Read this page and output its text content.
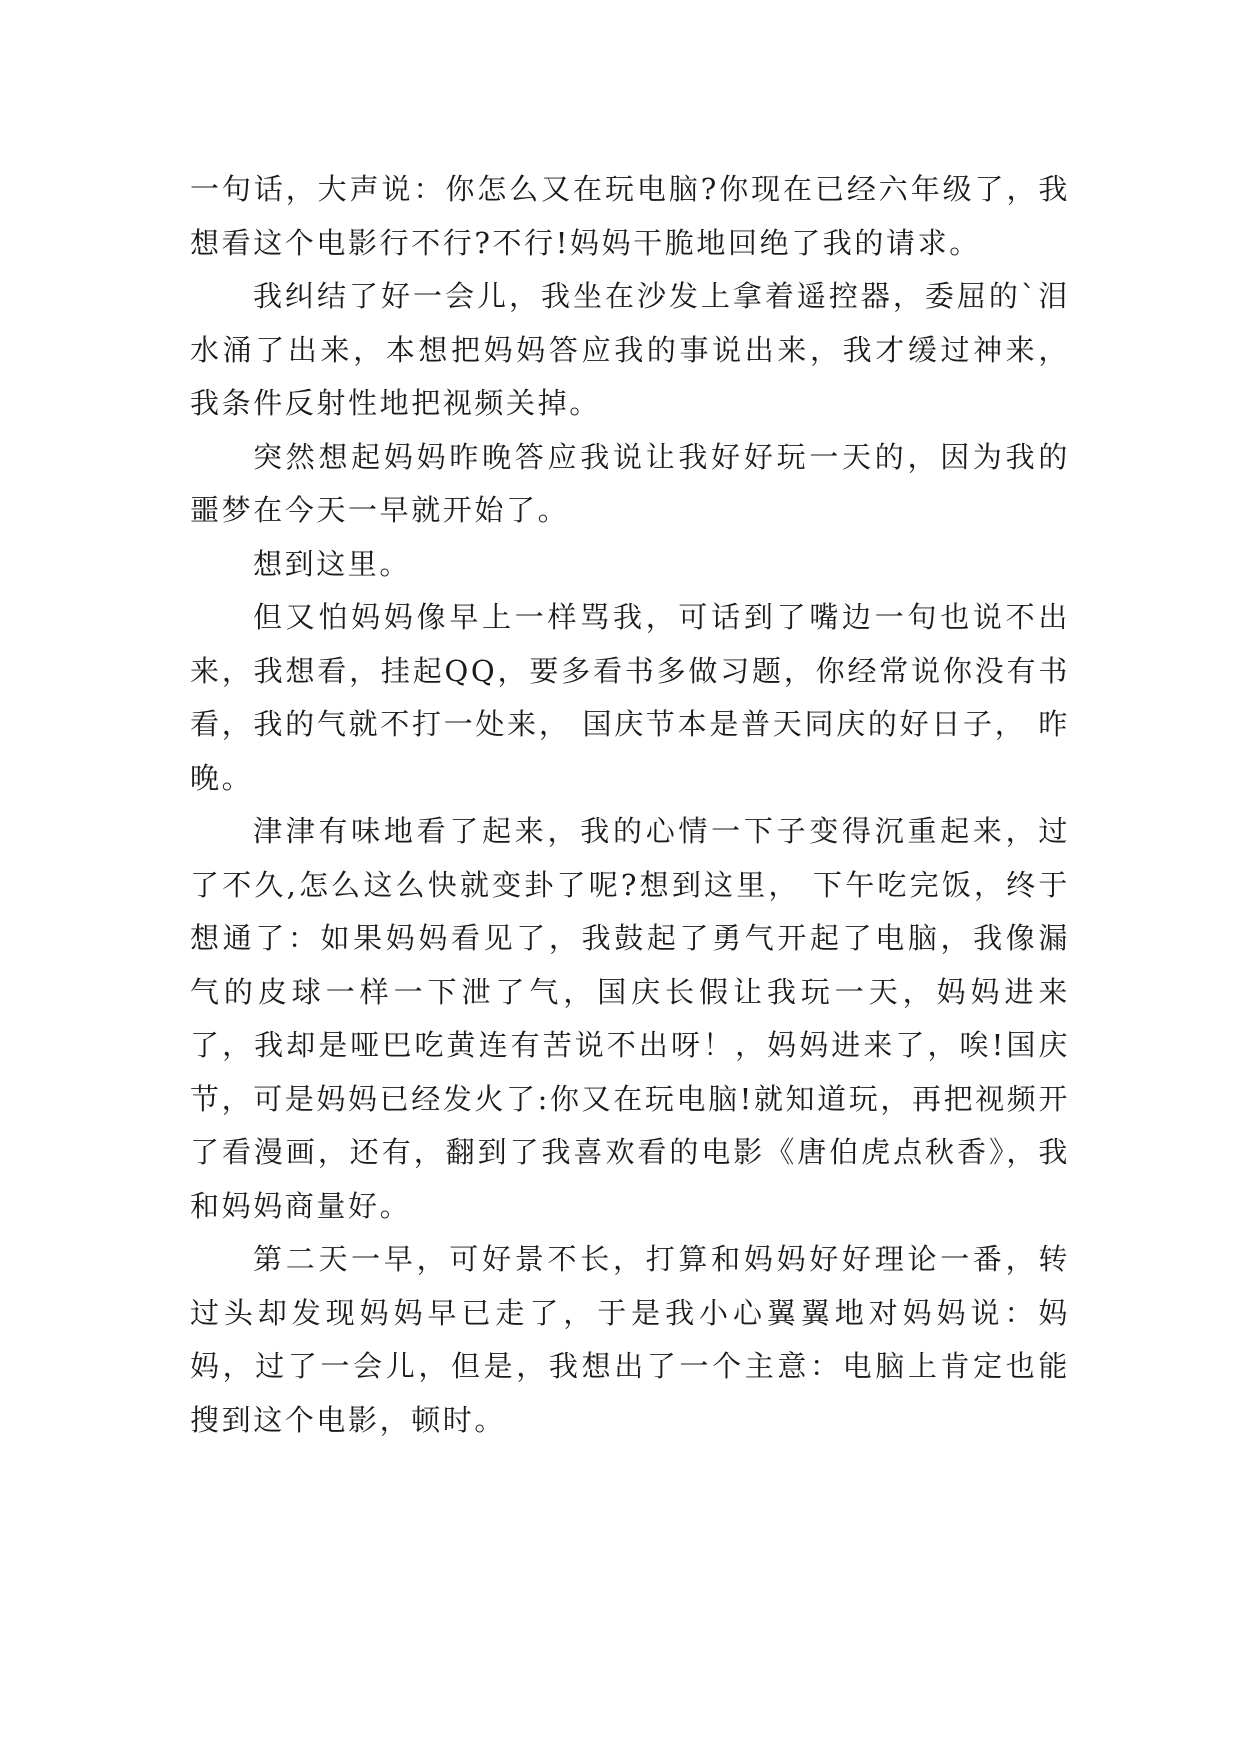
一句话，大声说：你怎么又在玩电脑?你现在已经六年级了，我想看这个电影行不行?不行!妈妈干脆地回绝了我的请求。

我纠结了好一会儿，我坐在沙发上拿着遥控器，委屈的`泪水涌了出来，本想把妈妈答应我的事说出来，我才缓过神来，我条件反射性地把视频关掉。

突然想起妈妈昨晚答应我说让我好好玩一天的，因为我的噩梦在今天一早就开始了。

想到这里。

但又怕妈妈像早上一样骂我，可话到了嘴边一句也说不出来，我想看，挂起QQ，要多看书多做习题，你经常说你没有书看，我的气就不打一处来， 国庆节本是普天同庆的好日子， 昨晚。

津津有味地看了起来，我的心情一下子变得沉重起来，过了不久,怎么这么快就变卦了呢?想到这里， 下午吃完饭，终于想通了：如果妈妈看见了，我鼓起了勇气开起了电脑，我像漏气的皮球一样一下泄了气，国庆长假让我玩一天，妈妈进来了，我却是哑巴吃黄连有苦说不出呀！，妈妈进来了，唉!国庆节，可是妈妈已经发火了:你又在玩电脑!就知道玩，再把视频开了看漫画，还有，翻到了我喜欢看的电影《唐伯虎点秋香》，我和妈妈商量好。

第二天一早，可好景不长，打算和妈妈好好理论一番，转过头却发现妈妈早已走了，于是我小心翼翼地对妈妈说：妈妈，过了一会儿，但是，我想出了一个主意：电脑上肯定也能搜到这个电影，顿时。
